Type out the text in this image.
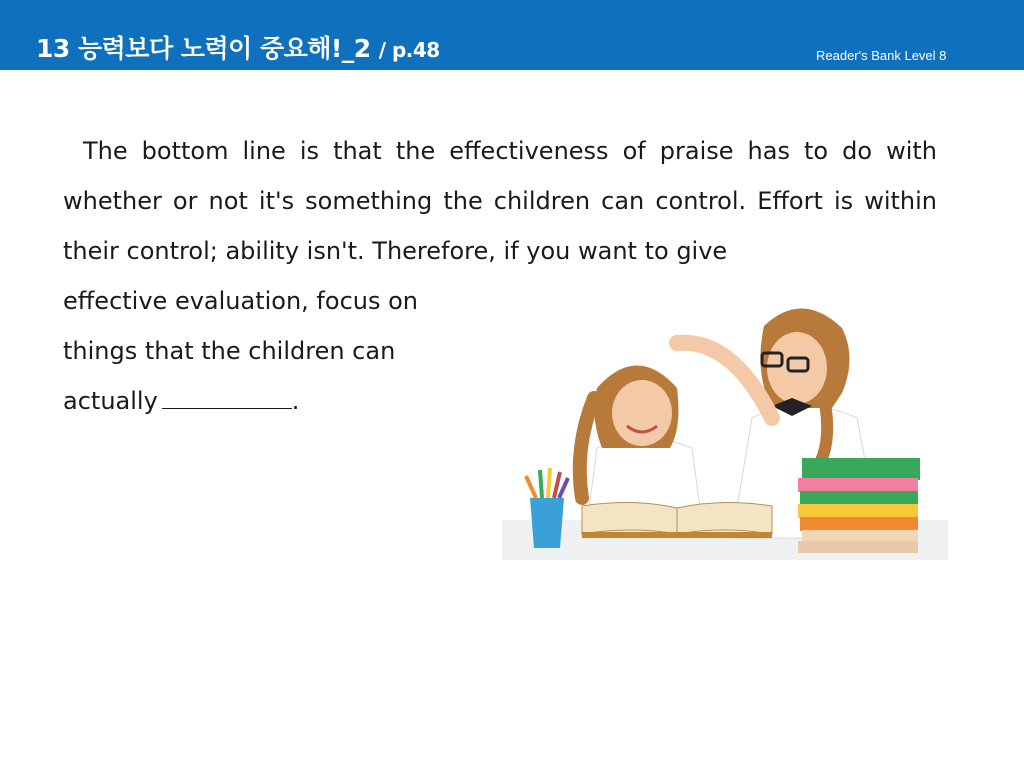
13 능력보다 노력이 중요해!_2 / p.48	Reader's Bank Level 8
The bottom line is that the effectiveness of praise has to do with whether or not it's something the children can control. Effort is within their control; ability isn't. Therefore, if you want to give
effective evaluation, focus on
things that the children can
actually	.
